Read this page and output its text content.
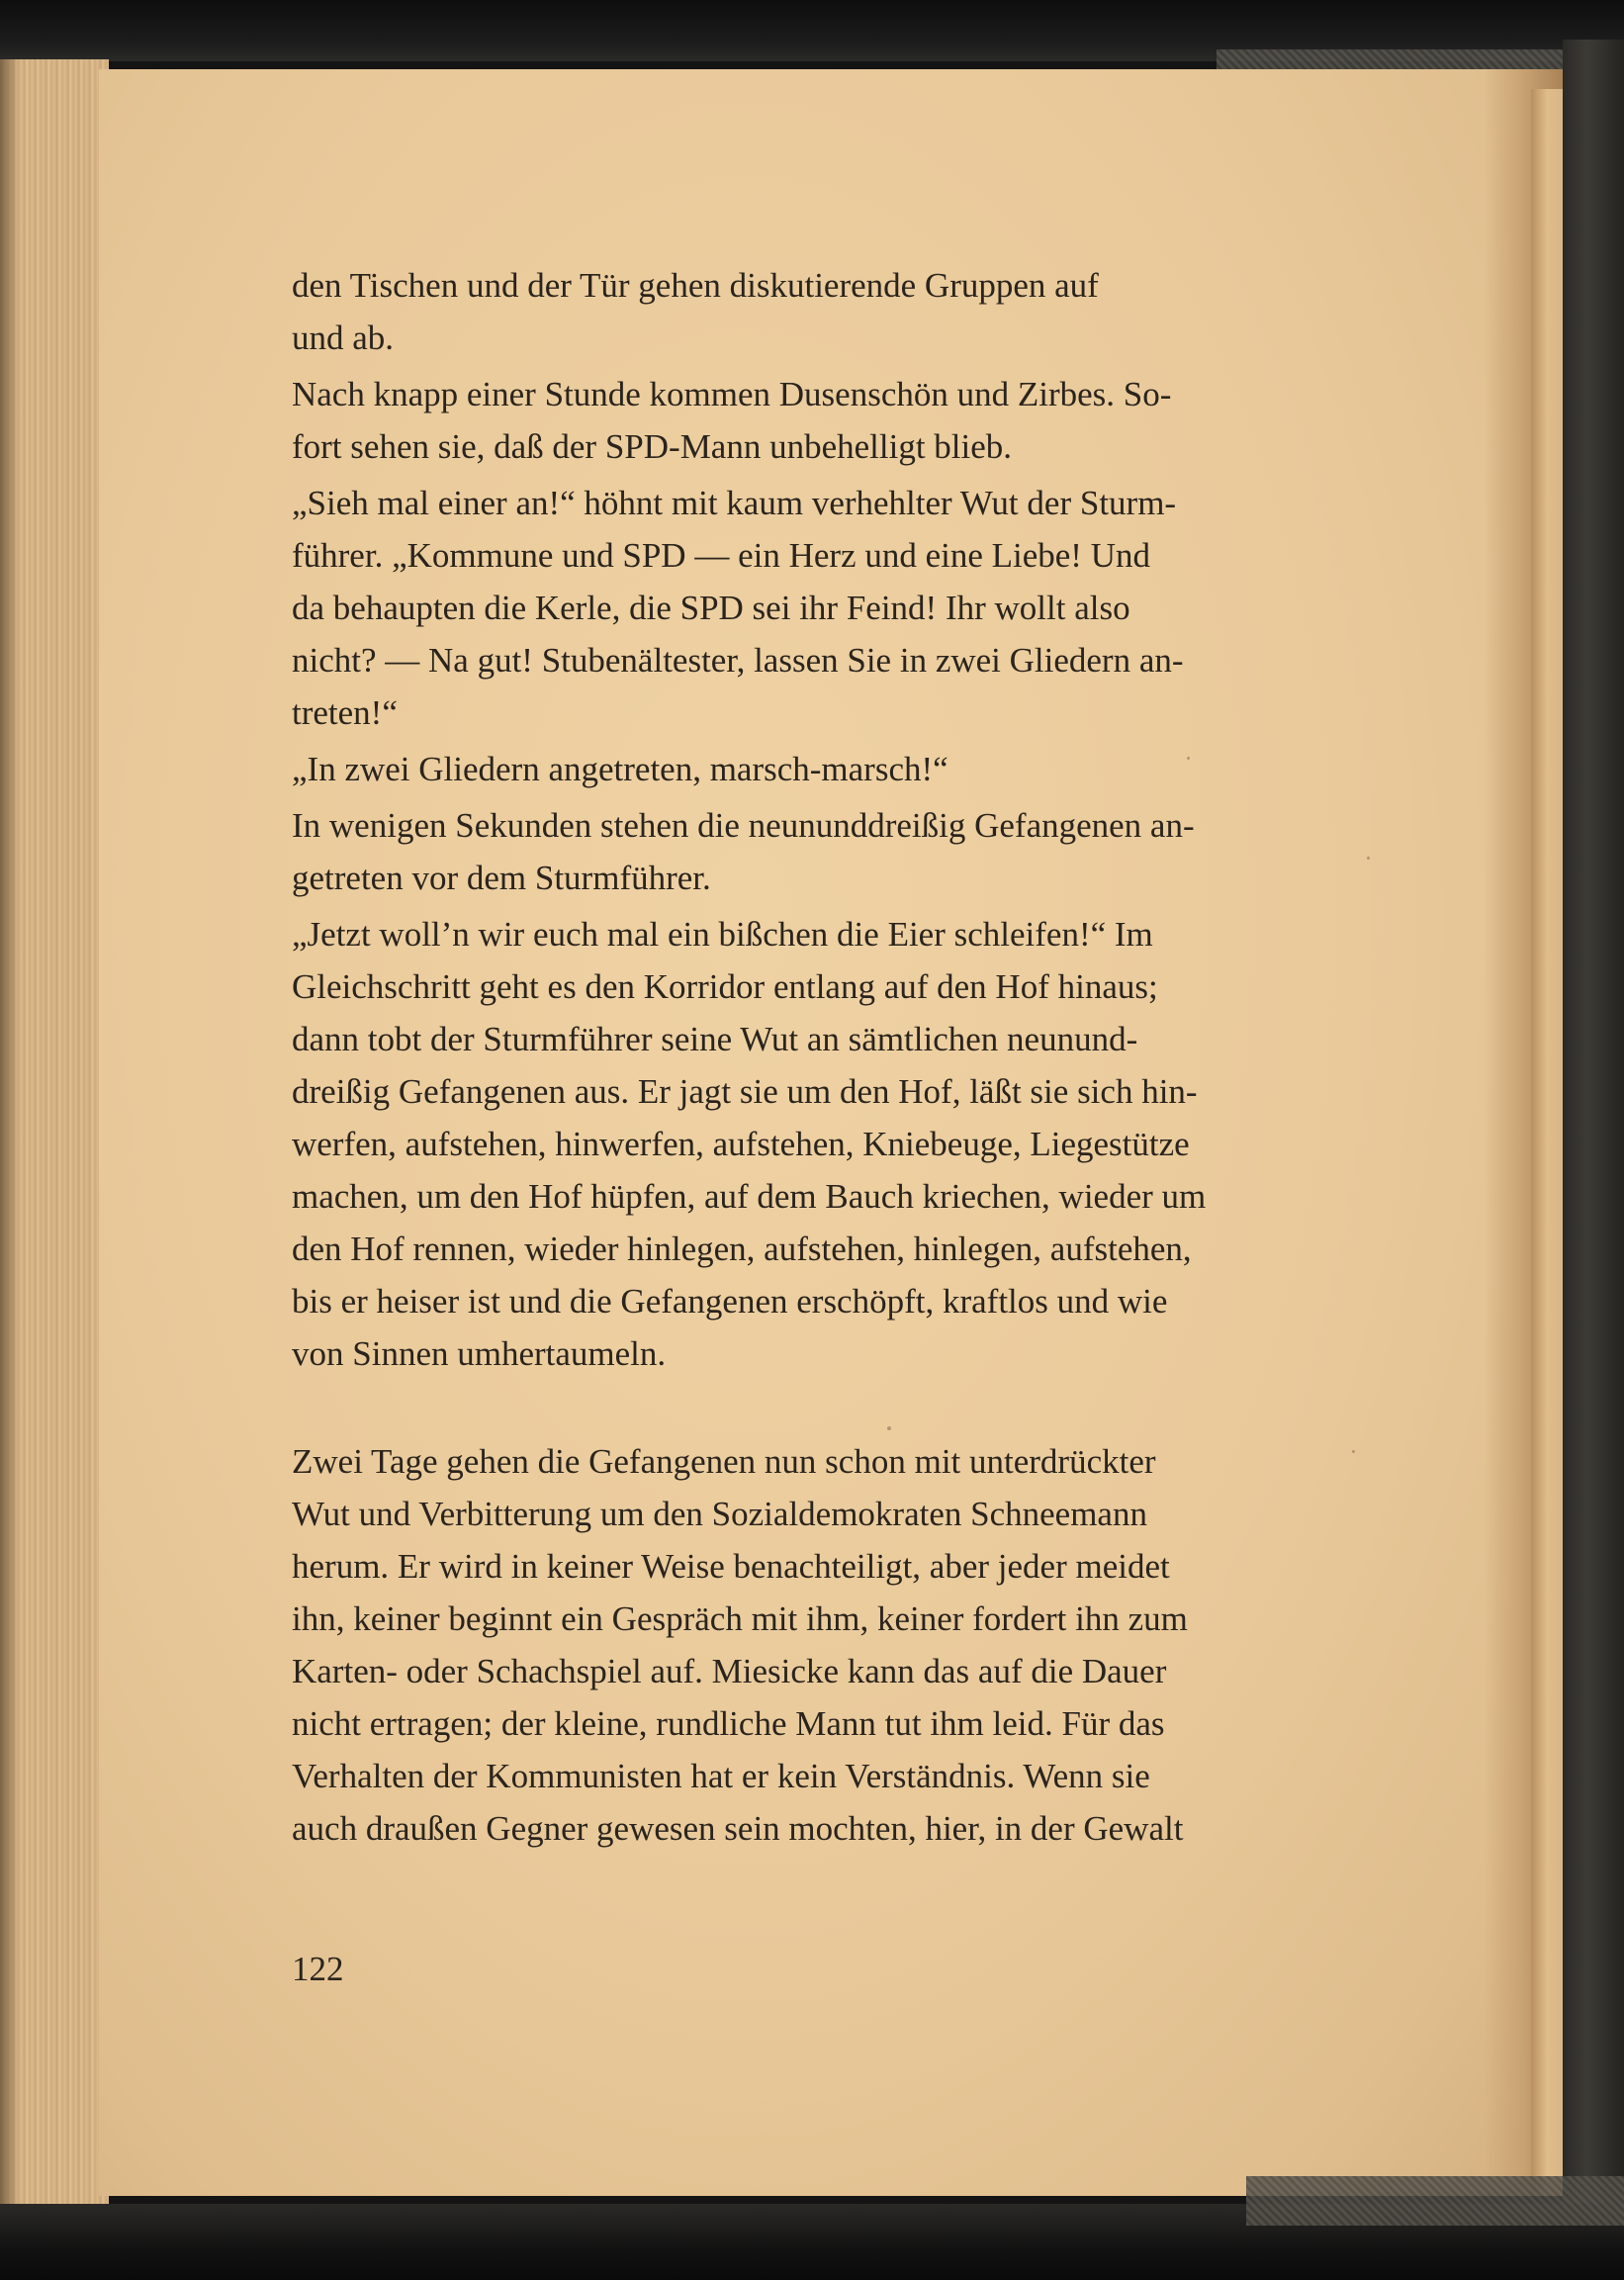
den Tischen und der Tür gehen diskutierende Gruppen auf
und ab.

Nach knapp einer Stunde kommen Dusenschön und Zirbes. So-
fort sehen sie, daß der SPD-Mann unbehelligt blieb.

„Sieh mal einer an!“ höhnt mit kaum verhehlter Wut der Sturm-
führer. „Kommune und SPD — ein Herz und eine Liebe! Und
da behaupten die Kerle, die SPD sei ihr Feind! Ihr wollt also
nicht? — Na gut! Stubenältester, lassen Sie in zwei Gliedern an-
treten!“

„In zwei Gliedern angetreten, marsch-marsch!“

In wenigen Sekunden stehen die neununddreißig Gefangenen an-
getreten vor dem Sturmführer.

„Jetzt woll’n wir euch mal ein bißchen die Eier schleifen!“ Im
Gleichschritt geht es den Korridor entlang auf den Hof hinaus;
dann tobt der Sturmführer seine Wut an sämtlichen neunund-
dreißig Gefangenen aus. Er jagt sie um den Hof, läßt sie sich hin-
werfen, aufstehen, hinwerfen, aufstehen, Kniebeuge, Liegestütze
machen, um den Hof hüpfen, auf dem Bauch kriechen, wieder um
den Hof rennen, wieder hinlegen, aufstehen, hinlegen, aufstehen,
bis er heiser ist und die Gefangenen erschöpft, kraftlos und wie
von Sinnen umhertaumeln.

Zwei Tage gehen die Gefangenen nun schon mit unterdrückter
Wut und Verbitterung um den Sozialdemokraten Schneemann
herum. Er wird in keiner Weise benachteiligt, aber jeder meidet
ihn, keiner beginnt ein Gespräch mit ihm, keiner fordert ihn zum
Karten- oder Schachspiel auf. Miesicke kann das auf die Dauer
nicht ertragen; der kleine, rundliche Mann tut ihm leid. Für das
Verhalten der Kommunisten hat er kein Verständnis. Wenn sie
auch draußen Gegner gewesen sein mochten, hier, in der Gewalt

122
